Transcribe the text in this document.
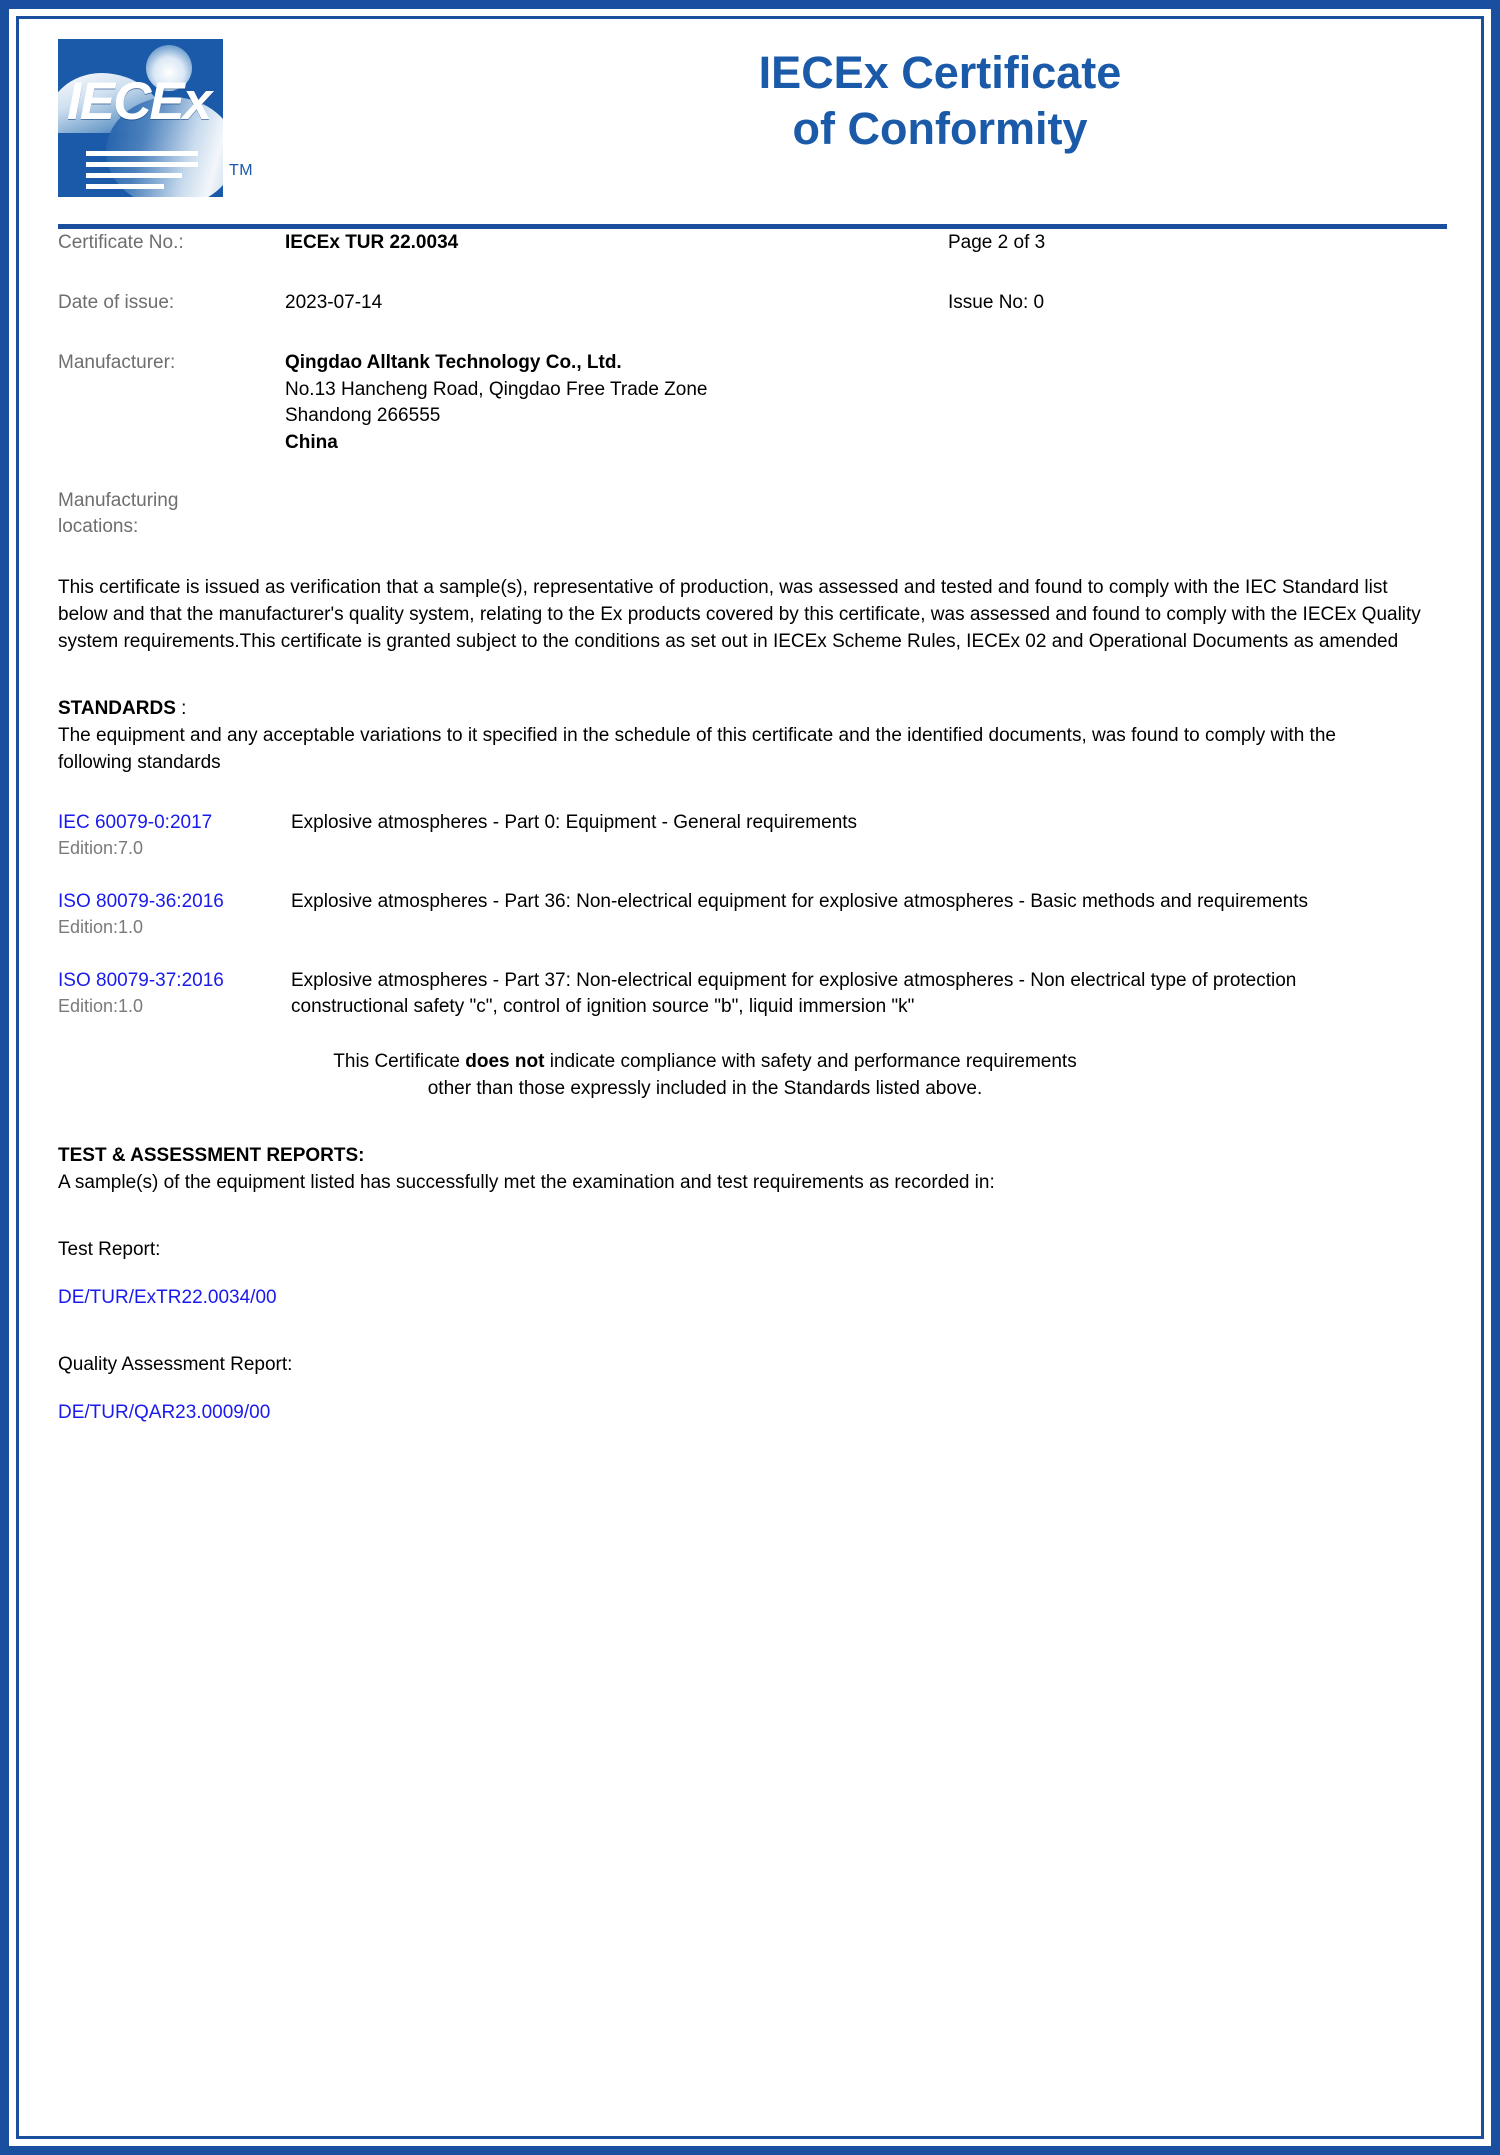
IECEx
TM
IECEx Certificate
of Conformity
Certificate No.:	IECEx TUR 22.0034	Page 2 of 3
Date of issue:	2023-07-14	Issue No: 0
Manufacturer:	Qingdao Alltank Technology Co., Ltd.
No.13 Hancheng Road, Qingdao Free Trade Zone
Shandong 266555
China
Manufacturing
locations:
This certificate is issued as verification that a sample(s), representative of production, was assessed and tested and found to comply with the IEC Standard list below and that the manufacturer's quality system, relating to the Ex products covered by this certificate, was assessed and found to comply with the IECEx Quality system requirements.This certificate is granted subject to the conditions as set out in IECEx Scheme Rules, IECEx 02 and Operational Documents as amended
STANDARDS :
The equipment and any acceptable variations to it specified in the schedule of this certificate and the identified documents, was found to comply with the following standards
IEC 60079-0:2017
Edition:7.0
Explosive atmospheres - Part 0: Equipment - General requirements
ISO 80079-36:2016
Edition:1.0
Explosive atmospheres - Part 36: Non-electrical equipment for explosive atmospheres - Basic methods and requirements
ISO 80079-37:2016
Edition:1.0
Explosive atmospheres - Part 37: Non-electrical equipment for explosive atmospheres - Non electrical type of protection constructional safety "c", control of ignition source "b", liquid immersion "k"
This Certificate does not indicate compliance with safety and performance requirements
other than those expressly included in the Standards listed above.
TEST & ASSESSMENT REPORTS:
A sample(s) of the equipment listed has successfully met the examination and test requirements as recorded in:
Test Report:
DE/TUR/ExTR22.0034/00
Quality Assessment Report:
DE/TUR/QAR23.0009/00
